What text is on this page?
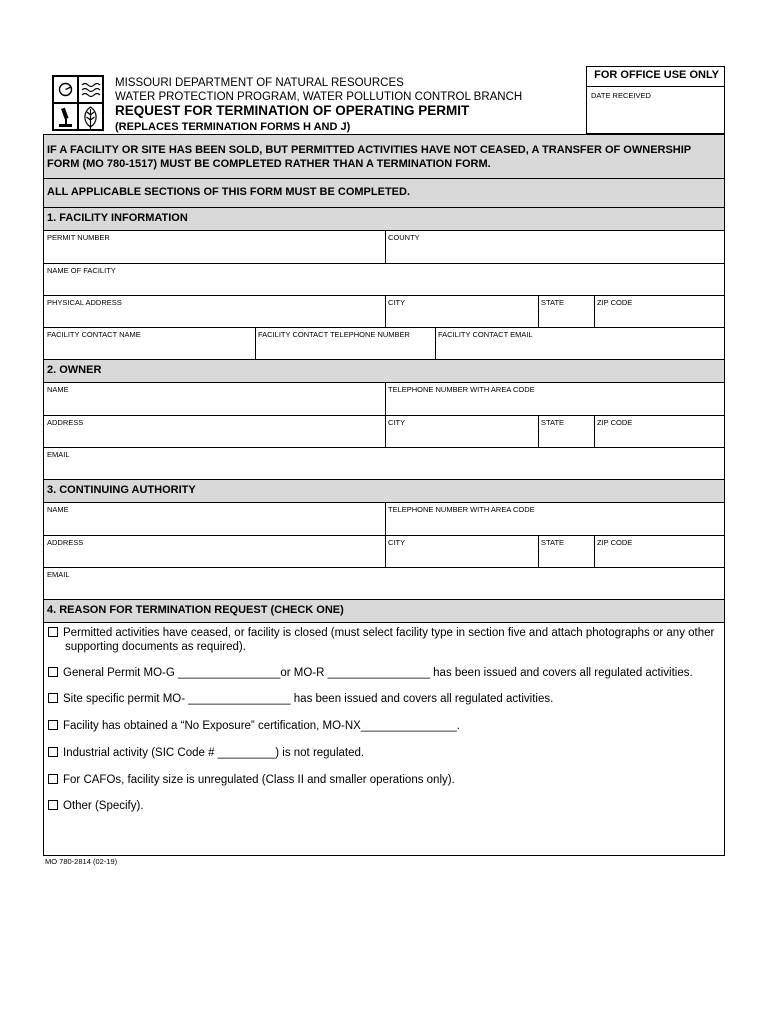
MISSOURI DEPARTMENT OF NATURAL RESOURCES
WATER PROTECTION PROGRAM, WATER POLLUTION CONTROL BRANCH
REQUEST FOR TERMINATION OF OPERATING PERMIT
(REPLACES TERMINATION FORMS H AND J)
FOR OFFICE USE ONLY
DATE RECEIVED
IF A FACILITY OR SITE HAS BEEN SOLD, BUT PERMITTED ACTIVITIES HAVE NOT CEASED, A TRANSFER OF OWNERSHIP FORM (MO 780-1517) MUST BE COMPLETED RATHER THAN A TERMINATION FORM.
ALL APPLICABLE SECTIONS OF THIS FORM MUST BE COMPLETED.
1. FACILITY INFORMATION
PERMIT NUMBER	COUNTY
NAME OF FACILITY
PHYSICAL ADDRESS	CITY	STATE	ZIP CODE
FACILITY CONTACT NAME	FACILITY CONTACT TELEPHONE NUMBER	FACILITY CONTACT EMAIL
2. OWNER
NAME	TELEPHONE NUMBER WITH AREA CODE
ADDRESS	CITY	STATE	ZIP CODE
EMAIL
3. CONTINUING AUTHORITY
NAME	TELEPHONE NUMBER WITH AREA CODE
ADDRESS	CITY	STATE	ZIP CODE
EMAIL
4. REASON FOR TERMINATION REQUEST (CHECK ONE)
Permitted activities have ceased, or facility is closed (must select facility type in section five and attach photographs or any other
supporting documents as required).
General Permit MO-G ________________or MO-R ________________ has been issued and covers all regulated activities.
Site specific permit MO- ________________ has been issued and covers all regulated activities.
Facility has obtained a “No Exposure” certification, MO-NX_______________.
Industrial activity (SIC Code # _________) is not regulated.
For CAFOs, facility size is unregulated (Class II and smaller operations only).
Other (Specify).
MO 780-2814 (02-19)
